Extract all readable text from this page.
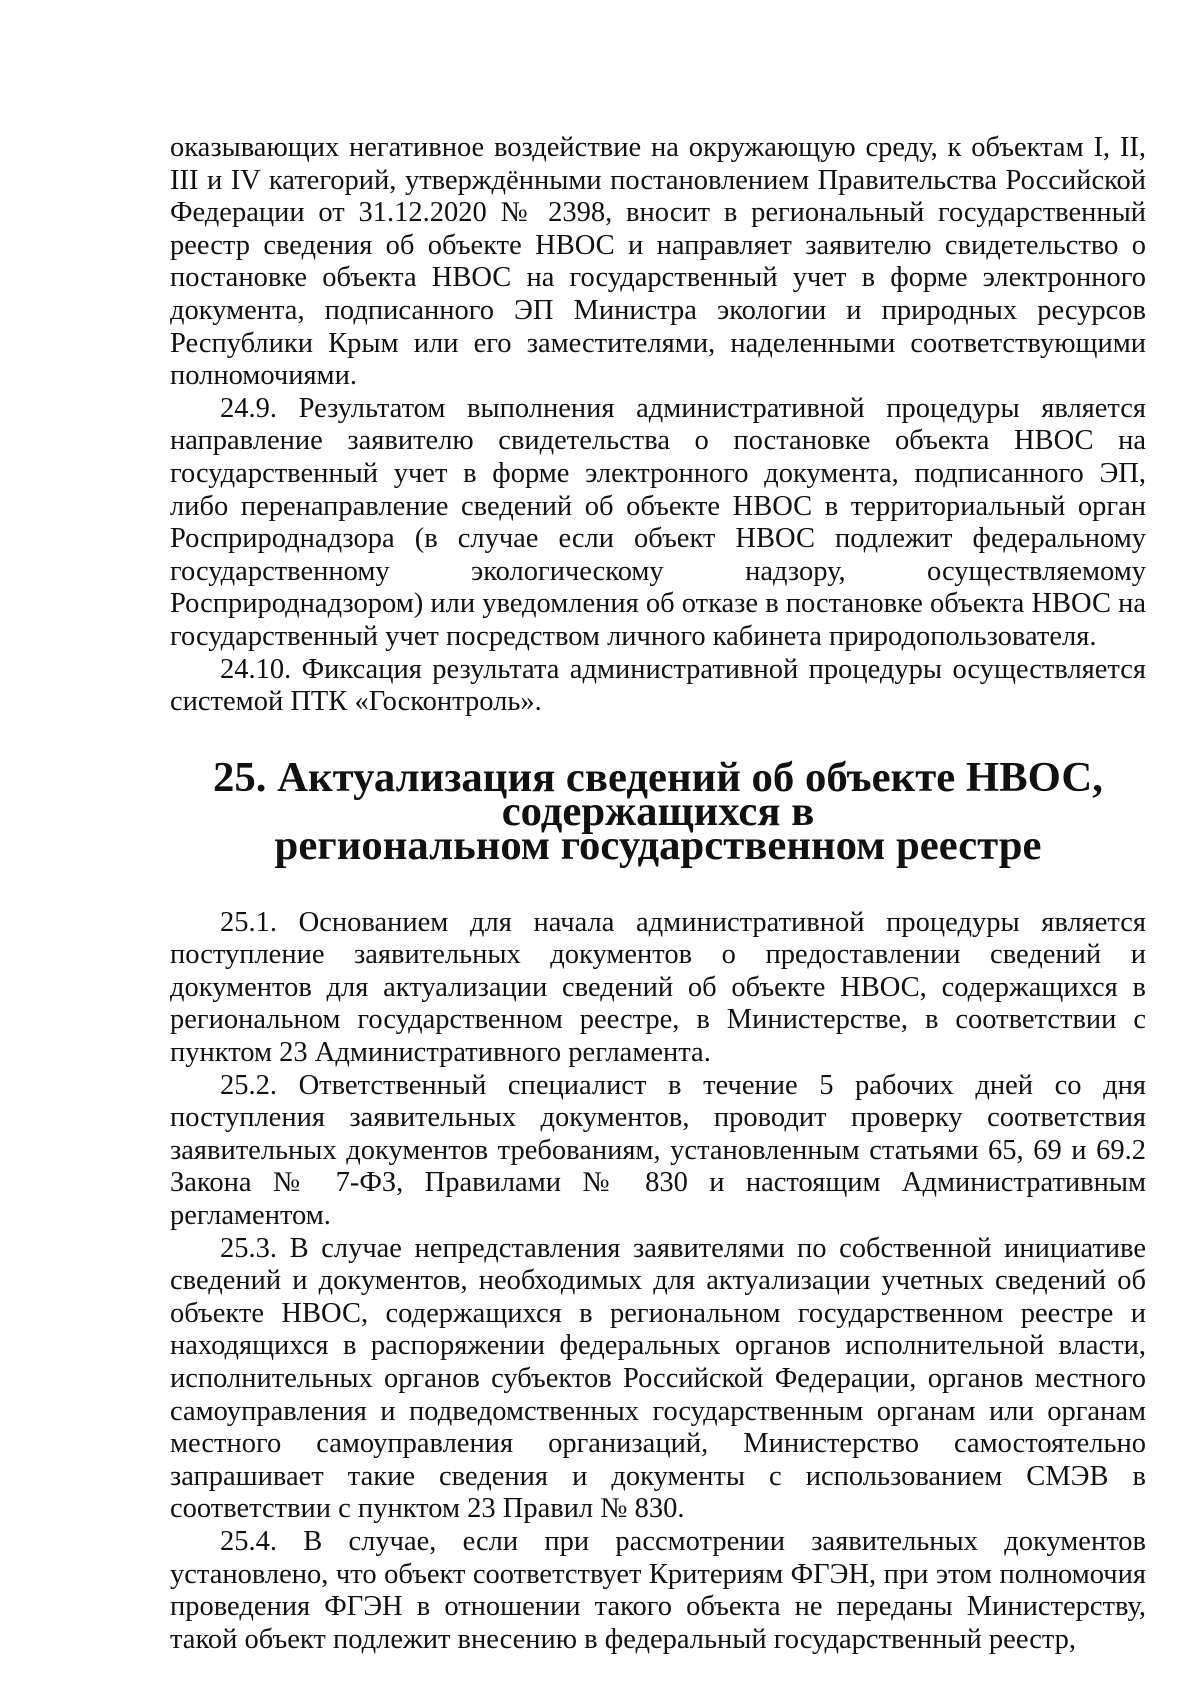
оказывающих негативное воздействие на окружающую среду, к объектам I, II, III и IV категорий, утверждёнными постановлением Правительства Российской Федерации от 31.12.2020 № 2398, вносит в региональный государственный реестр сведения об объекте НВОС и направляет заявителю свидетельство о постановке объекта НВОС на государственный учет в форме электронного документа, подписанного ЭП Министра экологии и природных ресурсов Республики Крым или его заместителями, наделенными соответствующими полномочиями.

24.9. Результатом выполнения административной процедуры является направление заявителю свидетельства о постановке объекта НВОС на государственный учет в форме электронного документа, подписанного ЭП, либо перенаправление сведений об объекте НВОС в территориальный орган Росприроднадзора (в случае если объект НВОС подлежит федеральному государственному экологическому надзору, осуществляемому Росприроднадзором) или уведомления об отказе в постановке объекта НВОС на государственный учет посредством личного кабинета природопользователя.

24.10. Фиксация результата административной процедуры осуществляется системой ПТК «Госконтроль».

25. Актуализация сведений об объекте НВОС, содержащихся в
региональном государственном реестре

25.1. Основанием для начала административной процедуры является поступление заявительных документов о предоставлении сведений и документов для актуализации сведений об объекте НВОС, содержащихся в региональном государственном реестре, в Министерстве, в соответствии с пунктом 23 Административного регламента.

25.2. Ответственный специалист в течение 5 рабочих дней со дня поступления заявительных документов, проводит проверку соответствия заявительных документов требованиям, установленным статьями 65, 69 и 69.2 Закона № 7-ФЗ, Правилами № 830 и настоящим Административным регламентом.

25.3. В случае непредставления заявителями по собственной инициативе сведений и документов, необходимых для актуализации учетных сведений об объекте НВОС, содержащихся в региональном государственном реестре и находящихся в распоряжении федеральных органов исполнительной власти, исполнительных органов субъектов Российской Федерации, органов местного самоуправления и подведомственных государственным органам или органам местного самоуправления организаций, Министерство самостоятельно запрашивает такие сведения и документы с использованием СМЭВ в соответствии с пунктом 23 Правил № 830.

25.4. В случае, если при рассмотрении заявительных документов установлено, что объект соответствует Критериям ФГЭН, при этом полномочия проведения ФГЭН в отношении такого объекта не переданы Министерству, такой объект подлежит внесению в федеральный государственный реестр,
